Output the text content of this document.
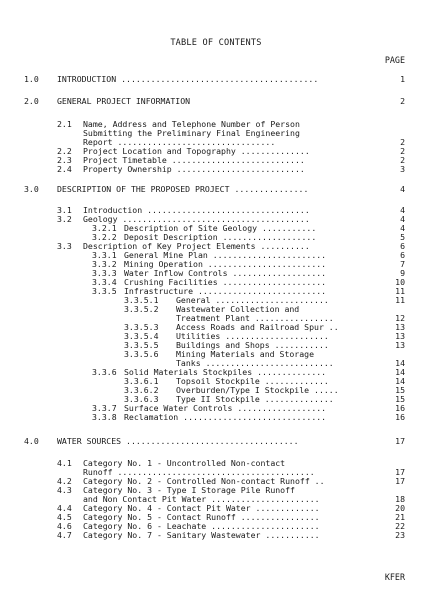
TABLE OF CONTENTS
PAGE
1.0 INTRODUCTION ........................................	1
2.0 GENERAL PROJECT INFORMATION	2
2.1 Name, Address and Telephone Number of Person
Submitting the Preliminary Final Engineering
Report ................................	2
2.2 Project Location and Topography ..............	2
2.3 Project Timetable ...........................	2
2.4 Property Ownership ..........................	3
3.0 DESCRIPTION OF THE PROPOSED PROJECT ...............	4
3.1 Introduction .................................	4
3.2 Geology ......................................	4
3.2.1 Description of Site Geology ...........	4
3.2.2 Deposit Description ...................	5
3.3 Description of Key Project Elements ..........	6
3.3.1 General Mine Plan .......................	6
3.3.2 Mining Operation ........................	7
3.3.3 Water Inflow Controls ...................	9
3.3.4 Crushing Facilities .....................	10
3.3.5 Infrastructure ..........................	11
3.3.5.1 General .......................	11
3.3.5.2 Wastewater Collection and
Treatment Plant ................	12
3.3.5.3 Access Roads and Railroad Spur ..	13
3.3.5.4 Utilities .....................	13
3.3.5.5 Buildings and Shops ...........	13
3.3.5.6 Mining Materials and Storage
Tanks ..........................	14
3.3.6 Solid Materials Stockpiles ..............	14
3.3.6.1 Topsoil Stockpile .............	14
3.3.6.2 Overburden/Type I Stockpile .....	15
3.3.6.3 Type II Stockpile ..............	15
3.3.7 Surface Water Controls ..................	16
3.3.8 Reclamation .............................	16
4.0 WATER SOURCES ...................................	17
4.1 Category No. 1 - Uncontrolled Non-contact
Runoff ........................................	17
4.2 Category No. 2 - Controlled Non-contact Runoff ..	17
4.3 Category No. 3 - Type I Storage Pile Runoff
and Non Contact Pit Water ......................	18
4.4 Category No. 4 - Contact Pit Water .............	20
4.5 Category No. 5 - Contact Runoff ................	21
4.6 Category No. 6 - Leachate ......................	22
4.7 Category No. 7 - Sanitary Wastewater ...........	23
KFER
